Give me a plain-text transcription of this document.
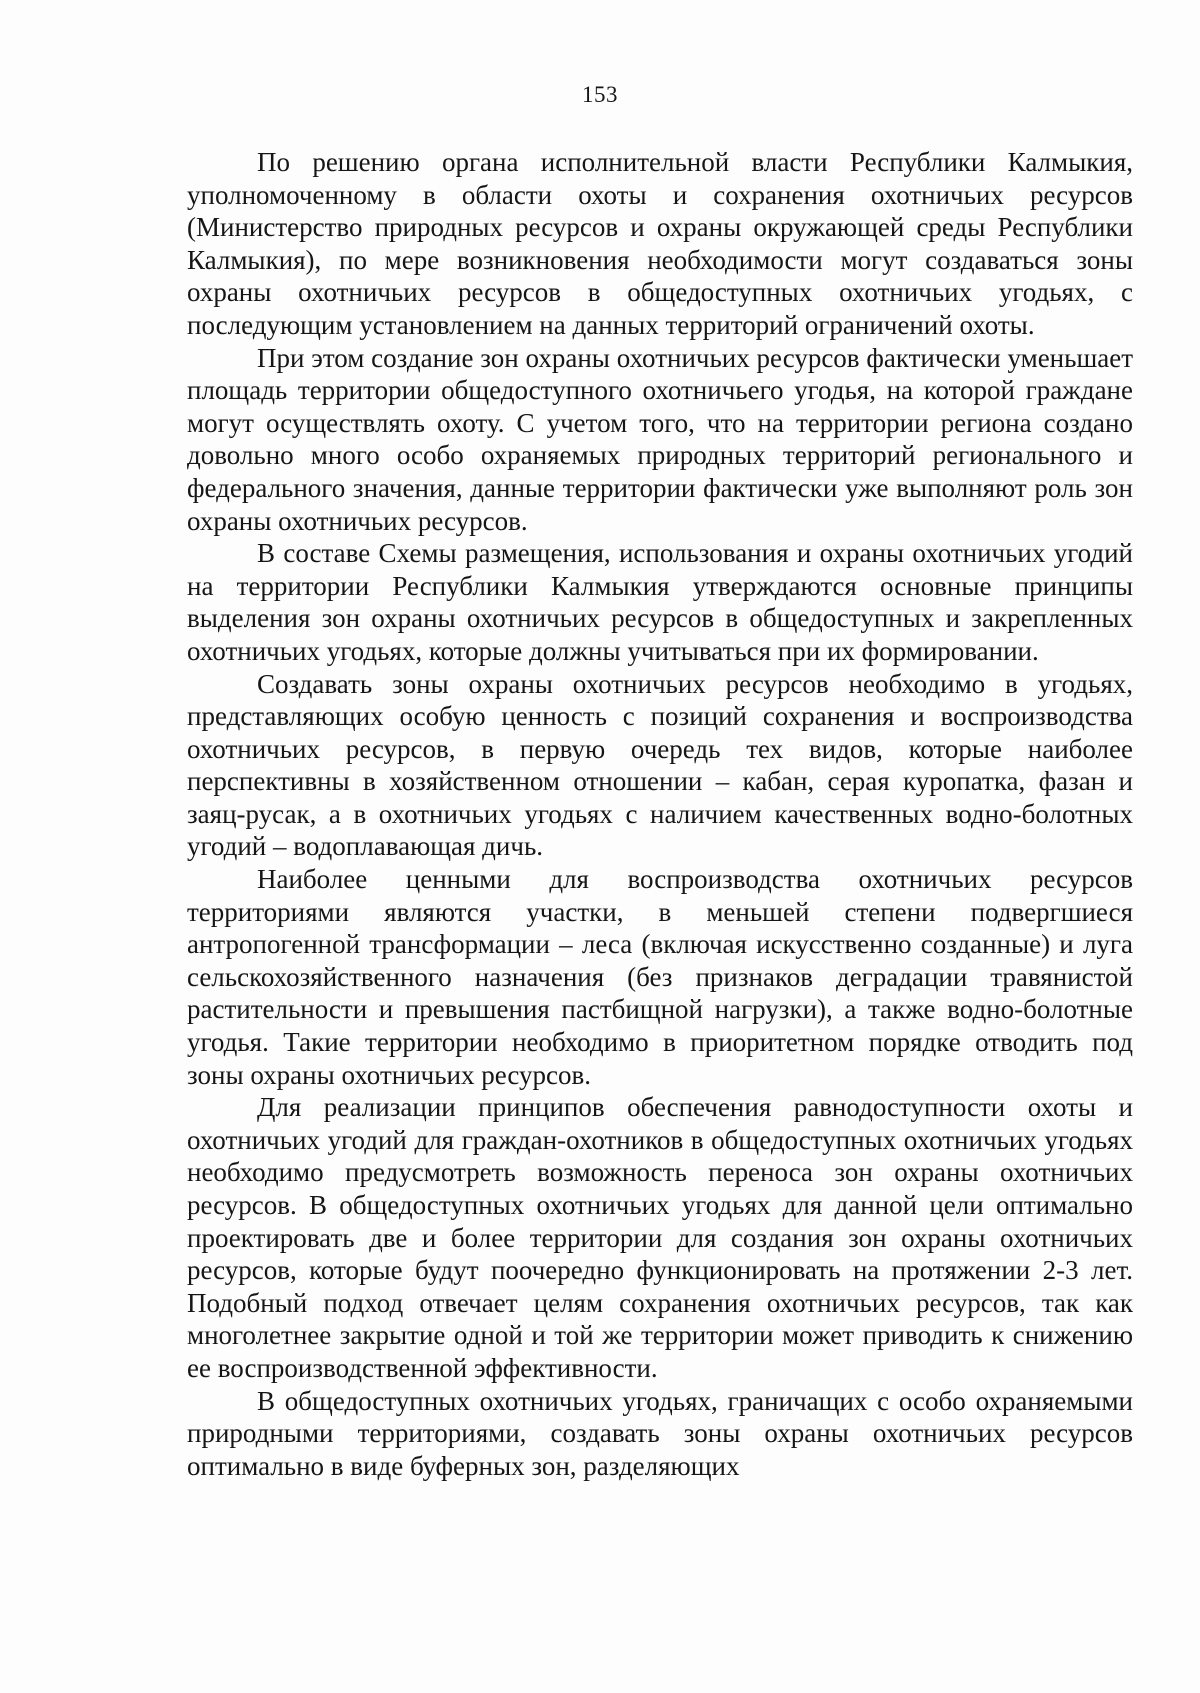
153

По решению органа исполнительной власти Республики Калмыкия, уполномоченному в области охоты и сохранения охотничьих ресурсов (Министерство природных ресурсов и охраны окружающей среды Республики Калмыкия), по мере возникновения необходимости могут создаваться зоны охраны охотничьих ресурсов в общедоступных охотничьих угодьях, с последующим установлением на данных территорий ограничений охоты.

При этом создание зон охраны охотничьих ресурсов фактически уменьшает площадь территории общедоступного охотничьего угодья, на которой граждане могут осуществлять охоту. С учетом того, что на территории региона создано довольно много особо охраняемых природных территорий регионального и федерального значения, данные территории фактически уже выполняют роль зон охраны охотничьих ресурсов.

В составе Схемы размещения, использования и охраны охотничьих угодий на территории Республики Калмыкия утверждаются основные принципы выделения зон охраны охотничьих ресурсов в общедоступных и закрепленных охотничьих угодьях, которые должны учитываться при их формировании.

Создавать зоны охраны охотничьих ресурсов необходимо в угодьях, представляющих особую ценность с позиций сохранения и воспроизводства охотничьих ресурсов, в первую очередь тех видов, которые наиболее перспективны в хозяйственном отношении – кабан, серая куропатка, фазан и заяц-русак, а в охотничьих угодьях с наличием качественных водно-болотных угодий – водоплавающая дичь.

Наиболее ценными для воспроизводства охотничьих ресурсов территориями являются участки, в меньшей степени подвергшиеся антропогенной трансформации – леса (включая искусственно созданные) и луга сельскохозяйственного назначения (без признаков деградации травянистой растительности и превышения пастбищной нагрузки), а также водно-болотные угодья. Такие территории необходимо в приоритетном порядке отводить под зоны охраны охотничьих ресурсов.

Для реализации принципов обеспечения равнодоступности охоты и охотничьих угодий для граждан-охотников в общедоступных охотничьих угодьях необходимо предусмотреть возможность переноса зон охраны охотничьих ресурсов. В общедоступных охотничьих угодьях для данной цели оптимально проектировать две и более территории для создания зон охраны охотничьих ресурсов, которые будут поочередно функционировать на протяжении 2-3 лет. Подобный подход отвечает целям сохранения охотничьих ресурсов, так как многолетнее закрытие одной и той же территории может приводить к снижению ее воспроизводственной эффективности.

В общедоступных охотничьих угодьях, граничащих с особо охраняемыми природными территориями, создавать зоны охраны охотничьих ресурсов оптимально в виде буферных зон, разделяющих
